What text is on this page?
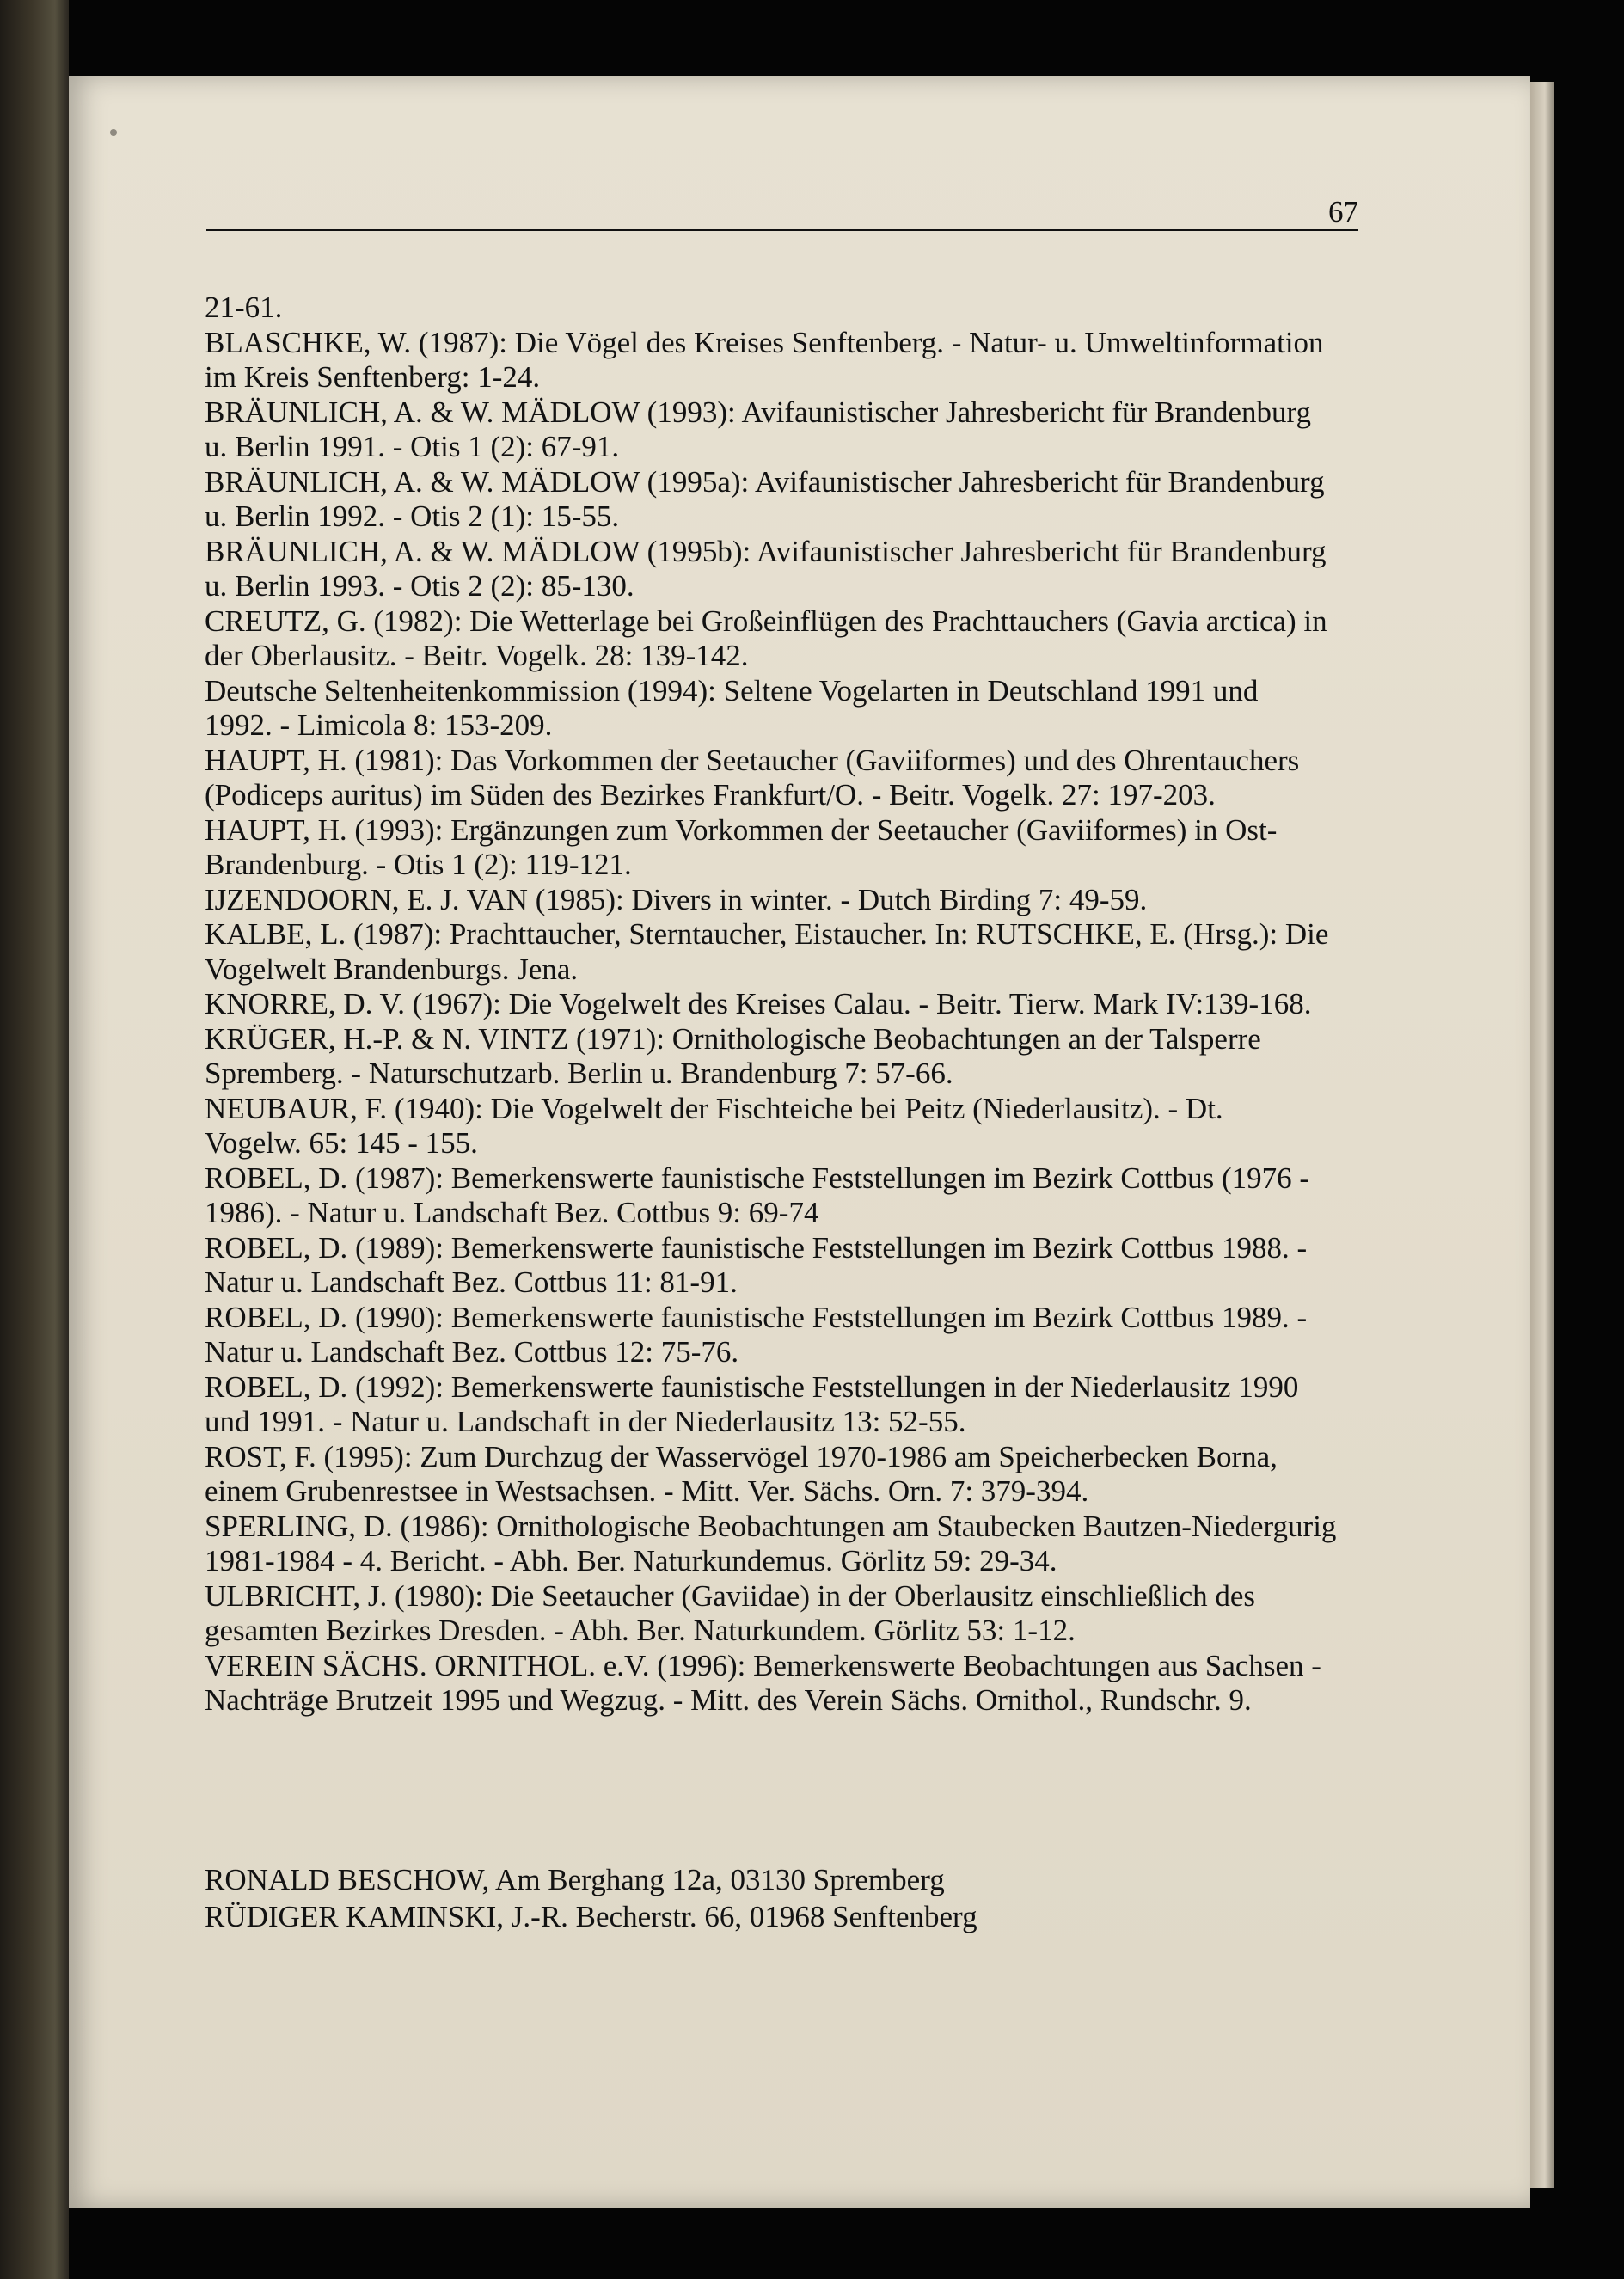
67
21-61.
BLASCHKE, W. (1987): Die Vögel des Kreises Senftenberg. - Natur- u. Umweltinformation
im Kreis Senftenberg: 1-24.
BRÄUNLICH, A. & W. MÄDLOW (1993): Avifaunistischer Jahresbericht für Brandenburg
u. Berlin 1991. - Otis 1 (2): 67-91.
BRÄUNLICH, A. & W. MÄDLOW (1995a): Avifaunistischer Jahresbericht für Brandenburg
u. Berlin 1992. - Otis 2 (1): 15-55.
BRÄUNLICH, A. & W. MÄDLOW (1995b): Avifaunistischer Jahresbericht für Brandenburg
u. Berlin 1993. - Otis 2 (2): 85-130.
CREUTZ, G. (1982): Die Wetterlage bei Großeinflügen des Prachttauchers (Gavia arctica) in
der Oberlausitz. - Beitr. Vogelk. 28: 139-142.
Deutsche Seltenheitenkommission (1994): Seltene Vogelarten in Deutschland 1991 und
1992. - Limicola 8: 153-209.
HAUPT, H. (1981): Das Vorkommen der Seetaucher (Gaviiformes) und des Ohrentauchers
(Podiceps auritus) im Süden des Bezirkes Frankfurt/O. - Beitr. Vogelk. 27: 197-203.
HAUPT, H. (1993): Ergänzungen zum Vorkommen der Seetaucher (Gaviiformes) in Ost-
Brandenburg. - Otis 1 (2): 119-121.
IJZENDOORN, E. J. VAN (1985): Divers in winter. - Dutch Birding 7: 49-59.
KALBE, L. (1987): Prachttaucher, Sterntaucher, Eistaucher. In: RUTSCHKE, E. (Hrsg.): Die
Vogelwelt Brandenburgs. Jena.
KNORRE, D. V. (1967): Die Vogelwelt des Kreises Calau. - Beitr. Tierw. Mark IV:139-168.
KRÜGER, H.-P. & N. VINTZ (1971): Ornithologische Beobachtungen an der Talsperre
Spremberg. - Naturschutzarb. Berlin u. Brandenburg 7: 57-66.
NEUBAUR, F. (1940): Die Vogelwelt der Fischteiche bei Peitz (Niederlausitz). - Dt.
Vogelw. 65: 145 - 155.
ROBEL, D. (1987): Bemerkenswerte faunistische Feststellungen im Bezirk Cottbus (1976 -
1986). - Natur u. Landschaft Bez. Cottbus 9: 69-74
ROBEL, D. (1989): Bemerkenswerte faunistische Feststellungen im Bezirk Cottbus 1988. -
Natur u. Landschaft Bez. Cottbus 11: 81-91.
ROBEL, D. (1990): Bemerkenswerte faunistische Feststellungen im Bezirk Cottbus 1989. -
Natur u. Landschaft Bez. Cottbus 12: 75-76.
ROBEL, D. (1992): Bemerkenswerte faunistische Feststellungen in der Niederlausitz 1990
und 1991. - Natur u. Landschaft in der Niederlausitz 13: 52-55.
ROST, F. (1995): Zum Durchzug der Wasservögel 1970-1986 am Speicherbecken Borna,
einem Grubenrestsee in Westsachsen. - Mitt. Ver. Sächs. Orn. 7: 379-394.
SPERLING, D. (1986): Ornithologische Beobachtungen am Staubecken Bautzen-Niedergurig
1981-1984 - 4. Bericht. - Abh. Ber. Naturkundemus. Görlitz 59: 29-34.
ULBRICHT, J. (1980): Die Seetaucher (Gaviidae) in der Oberlausitz einschließlich des
gesamten Bezirkes Dresden. - Abh. Ber. Naturkundem. Görlitz 53: 1-12.
VEREIN SÄCHS. ORNITHOL. e.V. (1996): Bemerkenswerte Beobachtungen aus Sachsen -
Nachträge Brutzeit 1995 und Wegzug. - Mitt. des Verein Sächs. Ornithol., Rundschr. 9.
RONALD BESCHOW, Am Berghang 12a, 03130 Spremberg
RÜDIGER KAMINSKI, J.-R. Becherstr. 66, 01968 Senftenberg
